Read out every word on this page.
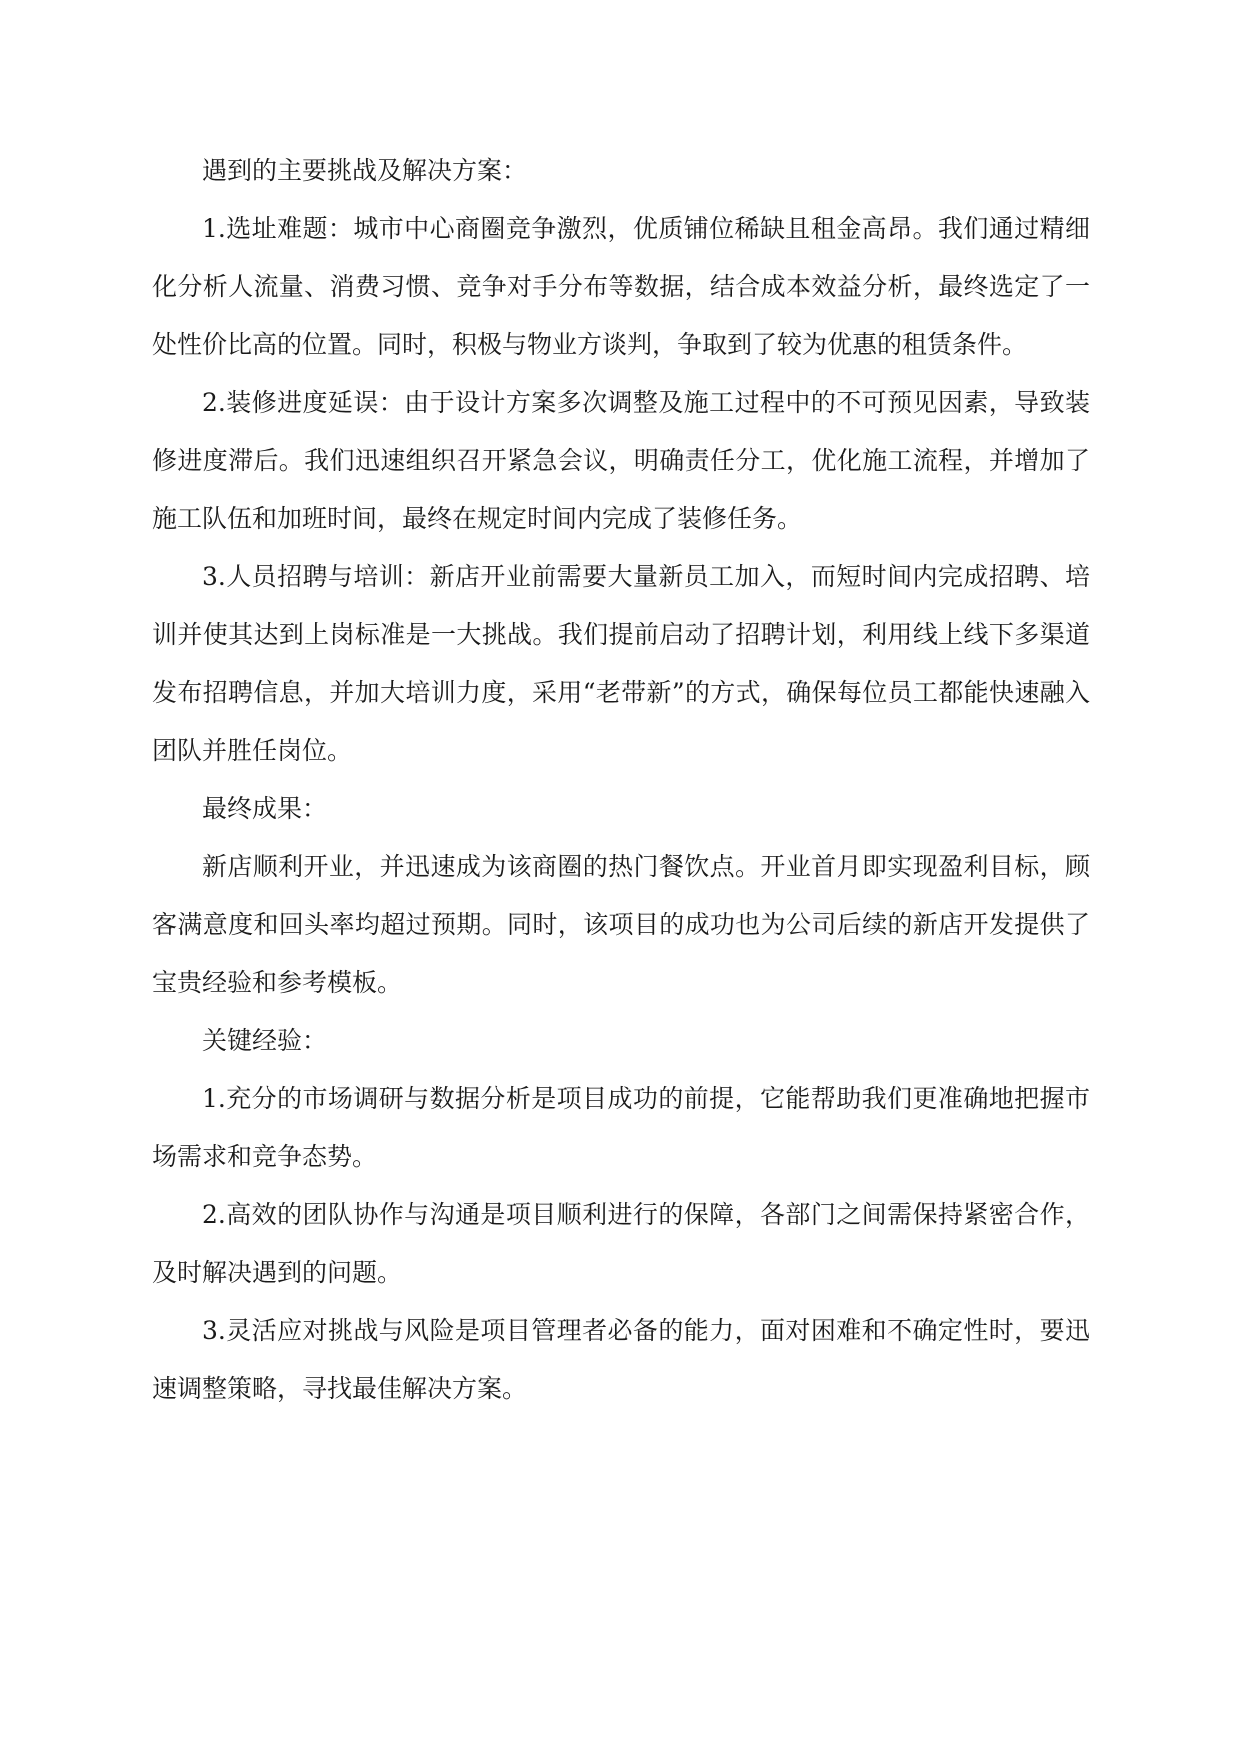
遇到的主要挑战及解决方案：

1.选址难题：城市中心商圈竞争激烈，优质铺位稀缺且租金高昂。我们通过精细化分析人流量、消费习惯、竞争对手分布等数据，结合成本效益分析，最终选定了一处性价比高的位置。同时，积极与物业方谈判，争取到了较为优惠的租赁条件。

2.装修进度延误：由于设计方案多次调整及施工过程中的不可预见因素，导致装修进度滞后。我们迅速组织召开紧急会议，明确责任分工，优化施工流程，并增加了施工队伍和加班时间，最终在规定时间内完成了装修任务。

3.人员招聘与培训：新店开业前需要大量新员工加入，而短时间内完成招聘、培训并使其达到上岗标准是一大挑战。我们提前启动了招聘计划，利用线上线下多渠道发布招聘信息，并加大培训力度，采用“老带新”的方式，确保每位员工都能快速融入团队并胜任岗位。

最终成果：

新店顺利开业，并迅速成为该商圈的热门餐饮点。开业首月即实现盈利目标，顾客满意度和回头率均超过预期。同时，该项目的成功也为公司后续的新店开发提供了宝贵经验和参考模板。

关键经验：

1.充分的市场调研与数据分析是项目成功的前提，它能帮助我们更准确地把握市场需求和竞争态势。

2.高效的团队协作与沟通是项目顺利进行的保障，各部门之间需保持紧密合作，及时解决遇到的问题。

3.灵活应对挑战与风险是项目管理者必备的能力，面对困难和不确定性时，要迅速调整策略，寻找最佳解决方案。
